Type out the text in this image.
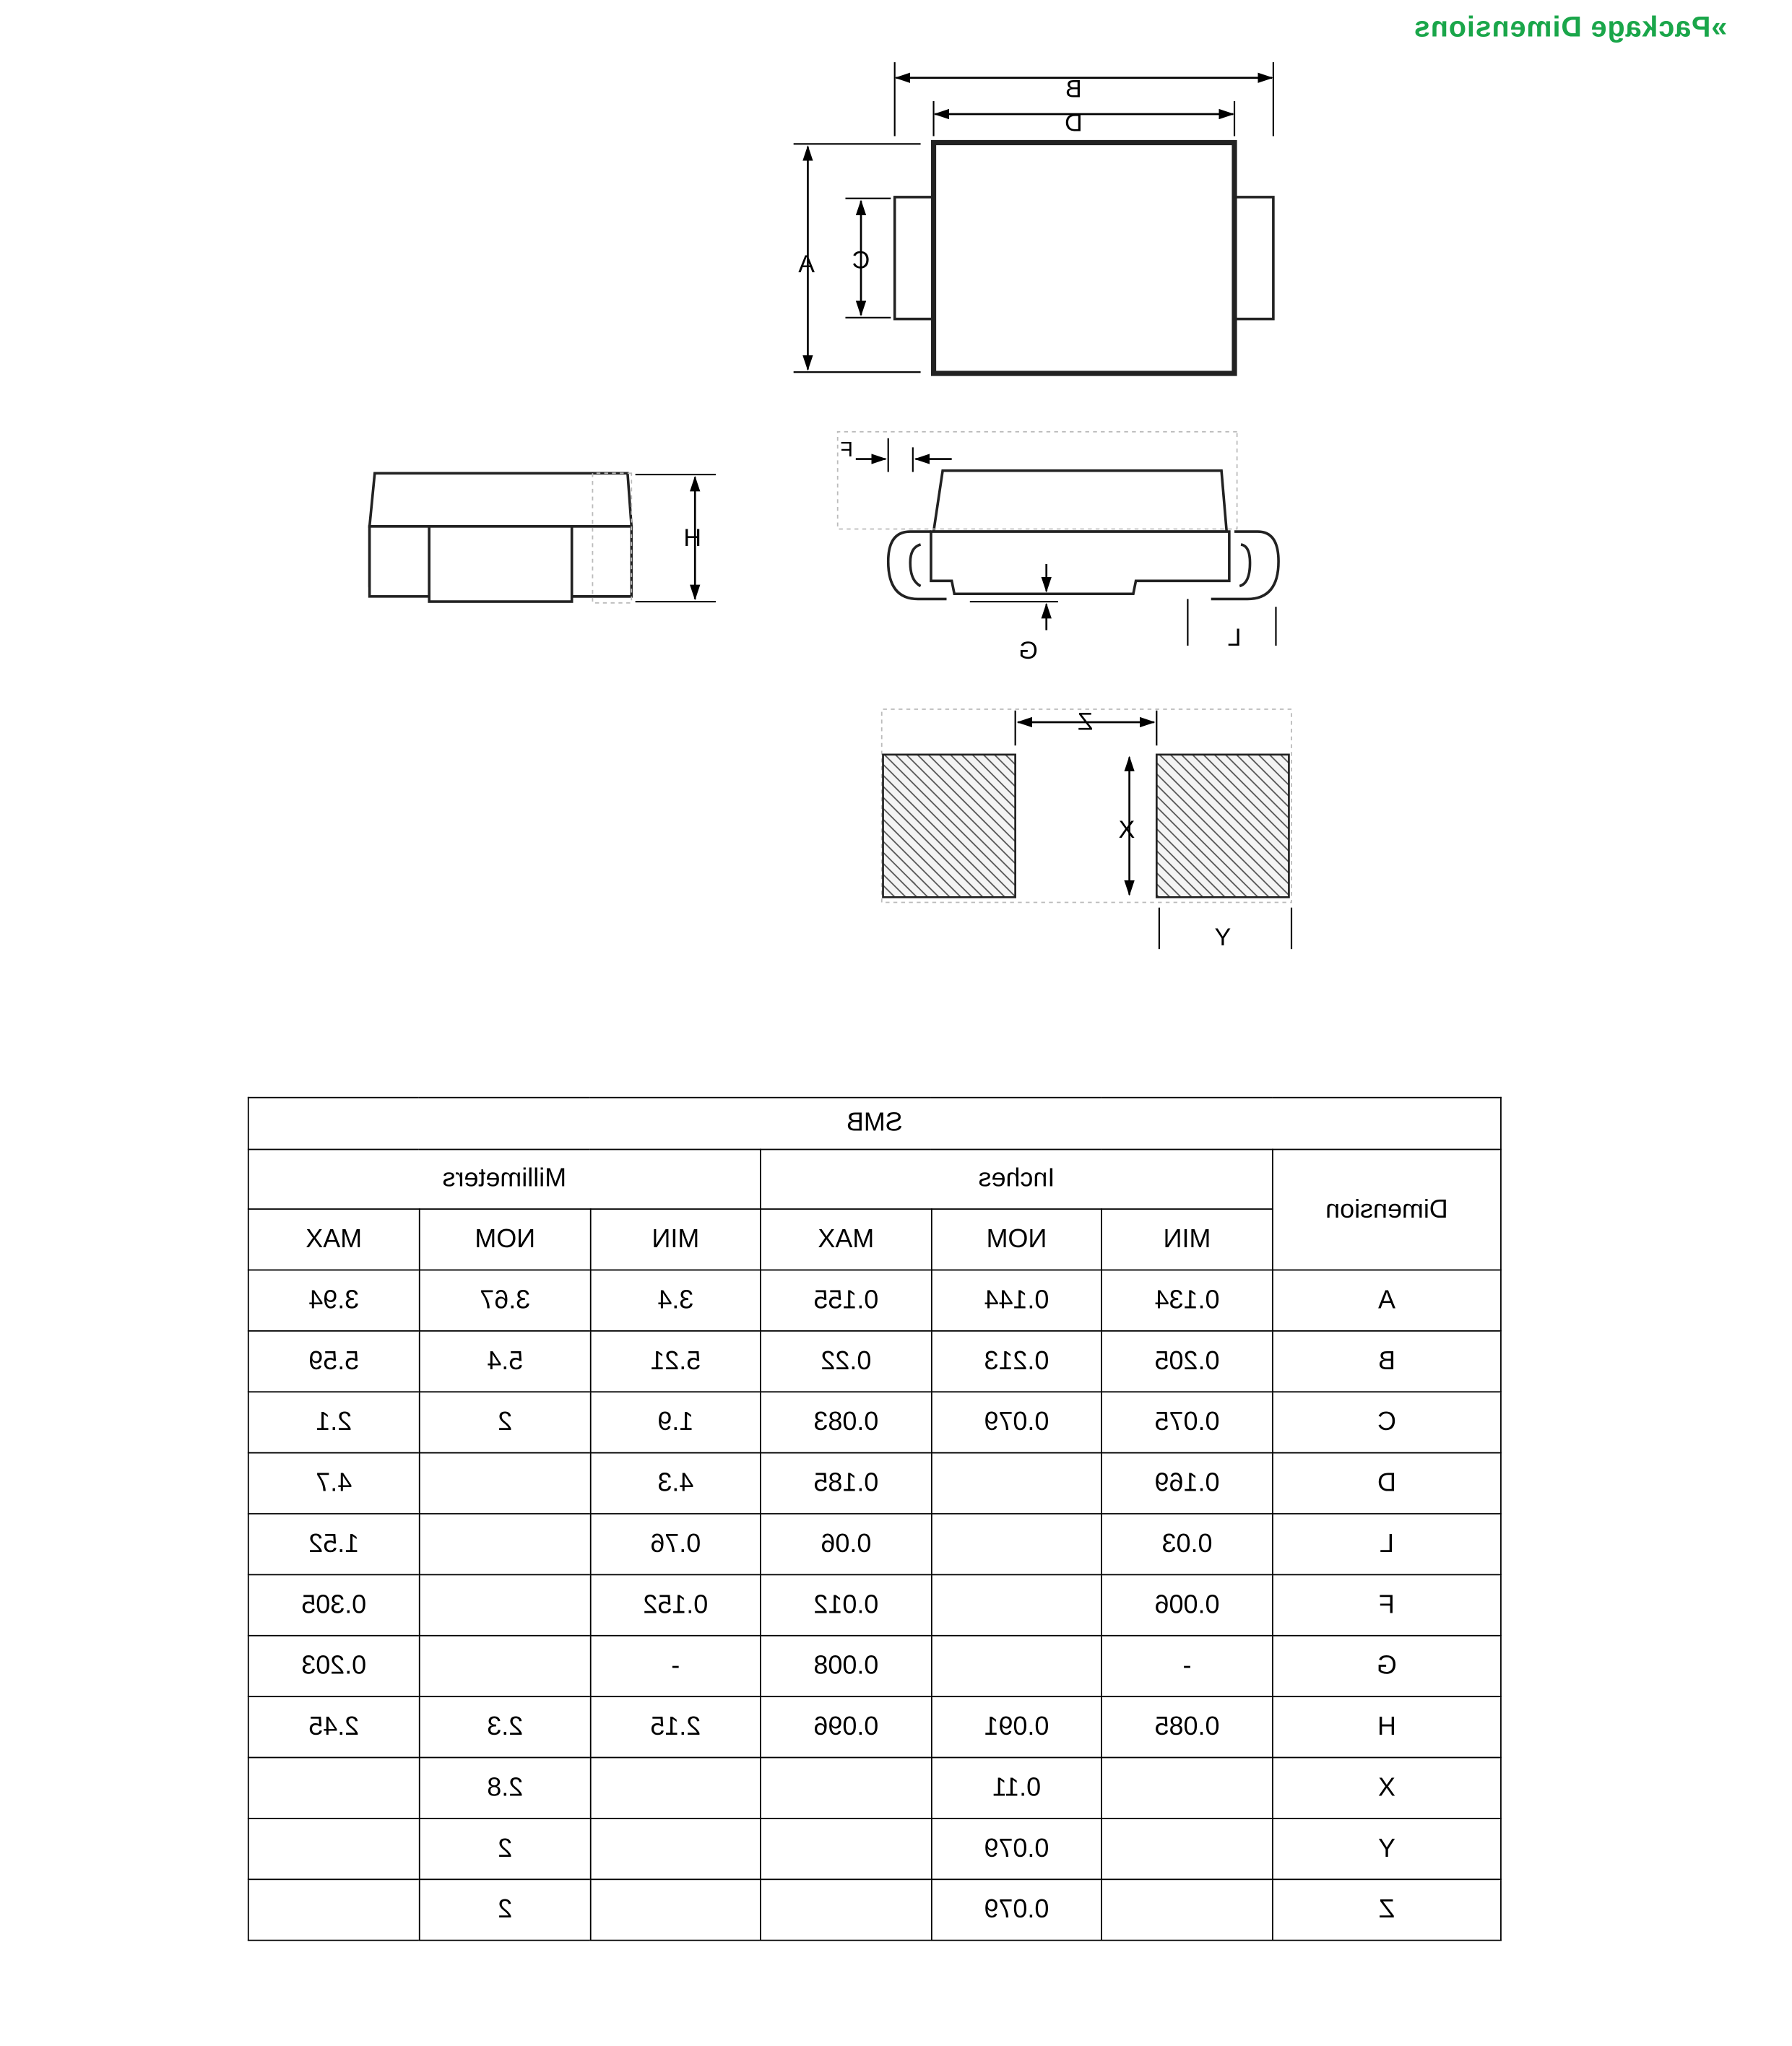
»Package Dimensions
B
D
A	C
F
G	L
H
Z
X
Y
SMB						
Dimension	Inches			Millimeters		
	MIN	NOM	MAX	MIN	NOM	MAX
A	0.134	0.144	0.155	3.4	3.67	3.94
B	0.205	0.213	0.22	5.21	5.4	5.59
C	0.075	0.079	0.083	1.9	2	2.1
D	0.169		0.185	4.3		4.7
L	0.03		0.06	0.76		1.52
F	0.006		0.012	0.152		0.305
G	-		0.008	-		0.203
H	0.085	0.091	0.096	2.15	2.3	2.45
X		0.11			2.8	
Y		0.079			2	
Z		0.079			2	
